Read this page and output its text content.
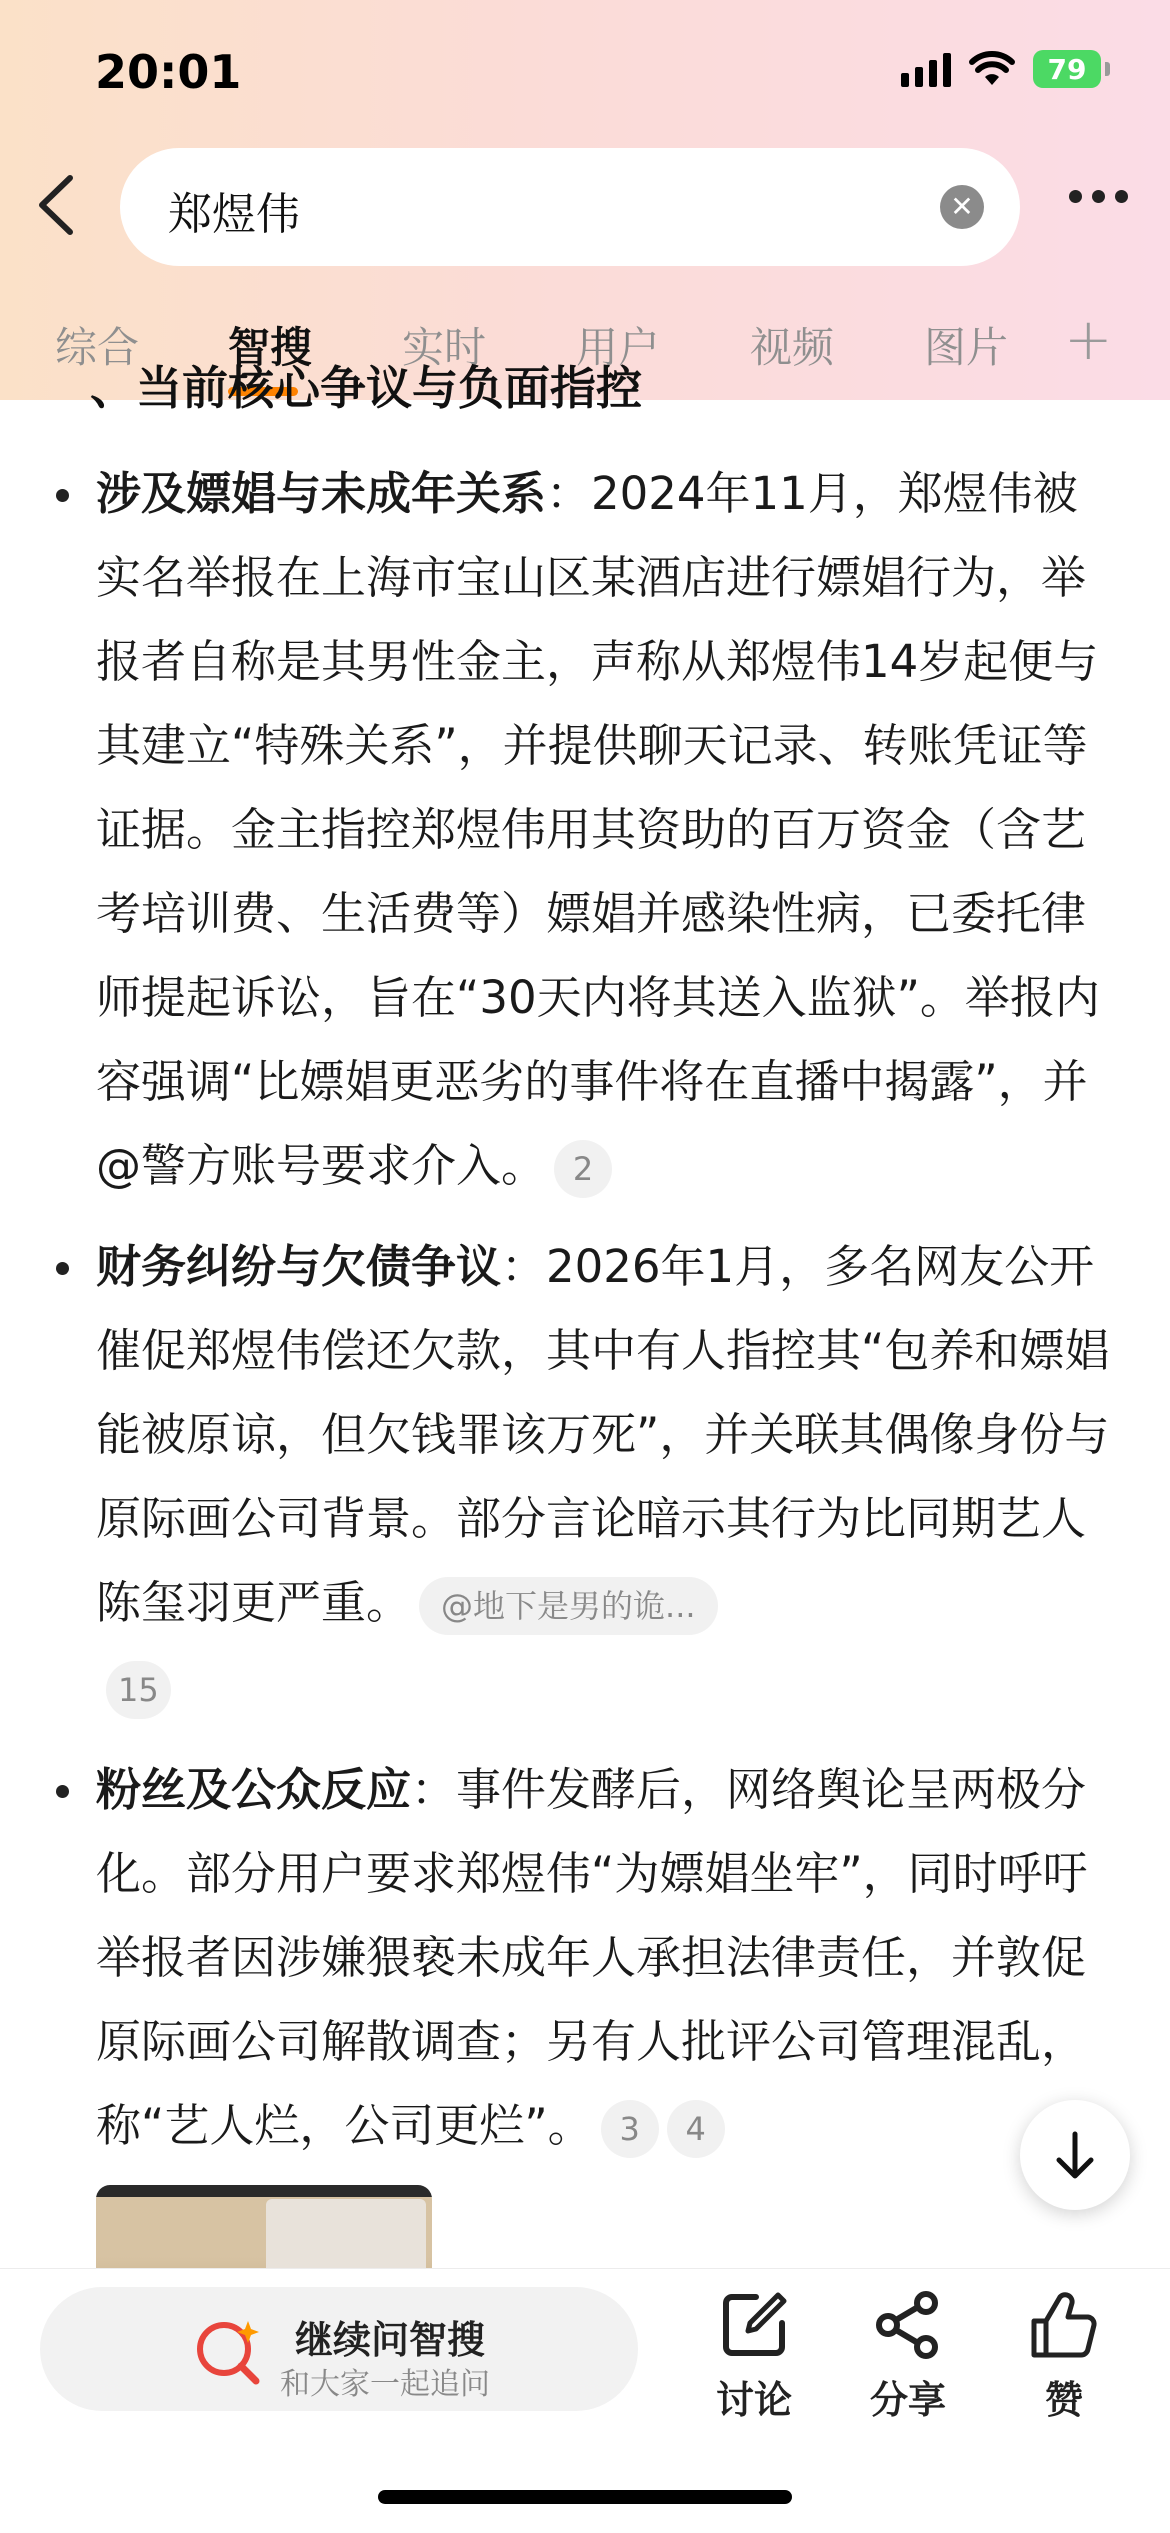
20:01	79
郑煜伟	✕
综合 智搜 实时 用户 视频 图片 +
、当前核心争议与负面指控
涉及嫖娼与未成年关系：2024年11月，郑煜伟被实名举报在上海市宝山区某酒店进行嫖娼行为，举报者自称是其男性金主，声称从郑煜伟14岁起便与其建立“特殊关系”，并提供聊天记录、转账凭证等证据。金主指控郑煜伟用其资助的百万资金（含艺考培训费、生活费等）嫖娼并感染性病，已委托律师提起诉讼，旨在“30天内将其送入监狱”。举报内容强调“比嫖娼更恶劣的事件将在直播中揭露”，并@警方账号要求介入。 2
财务纠纷与欠债争议：2026年1月，多名网友公开催促郑煜伟偿还欠款，其中有人指控其“包养和嫖娼能被原谅，但欠钱罪该万死”，并关联其偶像身份与原际画公司背景。部分言论暗示其行为比同期艺人陈玺羽更严重。 @地下是男的诡...
15
粉丝及公众反应：事件发酵后，网络舆论呈两极分化。部分用户要求郑煜伟“为嫖娼坐牢”，同时呼吁举报者因涉嫌猥亵未成年人承担法律责任，并敦促原际画公司解散调查；另有人批评公司管理混乱，称“艺人烂，公司更烂”。 3 4
继续问智搜
和大家一起追问	讨论	分享	赞
